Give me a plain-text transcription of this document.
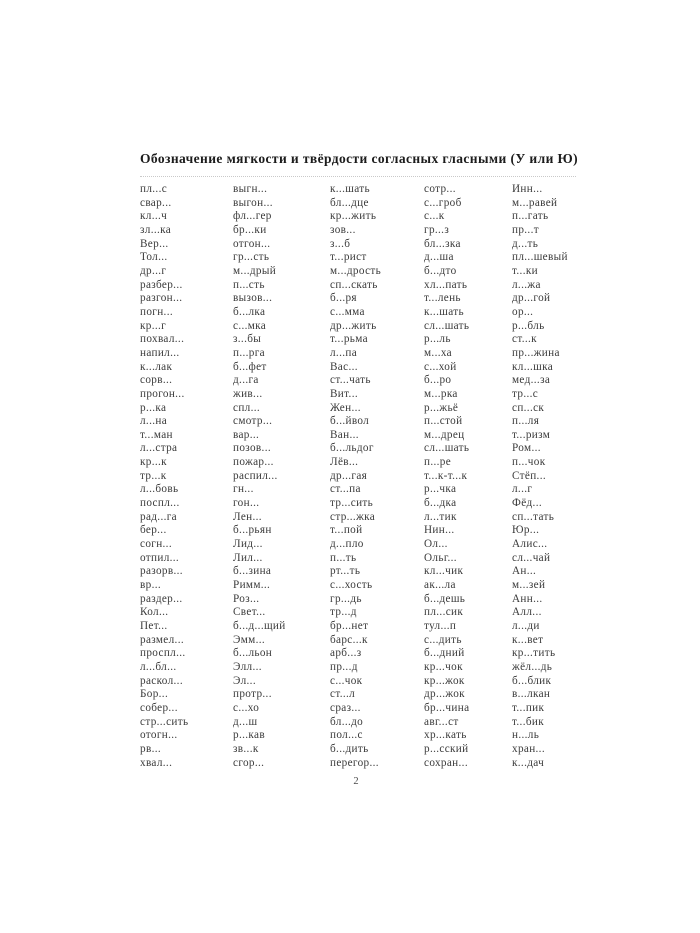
Обозначение мягкости и твёрдости согласных гласными (У или Ю)
пл...с
свар...
кл...ч
зл...ка
Вер...
Тол...
др...г
разбер...
разгон...
погн...
кр...г
похвал...
напил...
к...лак
сорв...
прогон...
р...ка
л...на
т...ман
л...стра
кр...к
тр...к
л...бовь
поспл...
рад...га
бер...
согн...
отпил...
разорв...
вр...
раздер...
Кол...
Пет...
размел...
проспл...
л...бл...
раскол...
Бор...
собер...
стр...сить
отогн...
рв...
хвал...
выгн...
выгон...
фл...гер
бр...ки
отгон...
гр...сть
м...дрый
п...сть
вызов...
б...лка
с...мка
з...бы
п...рга
б...фет
д...га
жив...
спл...
смотр...
вар...
позов...
пожар...
распил...
гн...
гон...
Лен...
б...рьян
Лид...
Лил...
б...зина
Римм...
Роз...
Свет...
б...д...щий
Эмм...
б...льон
Элл...
Эл...
протр...
с...хо
д...ш
р...кав
зв...к
сгор...
к...шать
бл...дце
кр...жить
зов...
з...б
т...рист
м...дрость
сп...скать
б...ря
с...мма
др...жить
т...рьма
л...па
Вас...
ст...чать
Вит...
Жен...
б...йвол
Ван...
б...льдог
Лёв...
др...гая
ст...па
тр...сить
стр...жка
т...пой
д...пло
п...ть
рт...ть
с...хость
гр...дь
тр...д
бр...нет
барс...к
арб...з
пр...д
с...чок
ст...л
сраз...
бл...до
пол...с
б...дить
перегор...
сотр...
с...гроб
с...к
гр...з
бл...зка
д...ша
б...дто
хл...пать
т...лень
к...шать
сл...шать
р...ль
м...ха
с...хой
б...ро
м...рка
р...жьё
п...стой
м...дрец
сл...шать
п...ре
т...к-т...к
р...чка
б...дка
л...тик
Нин...
Ол...
Ольг...
кл...чик
ак...ла
б...дешь
пл...сик
тул...п
с...дить
б...дний
кр...чок
кр...жок
др...жок
бр...чина
авг...ст
хр...кать
р...сский
сохран...
Инн...
м...равей
п...гать
пр...т
д...ть
пл...шевый
т...ки
л...жа
др...гой
ор...
р...бль
ст...к
пр...жина
кл...шка
мед...за
тр...с
сп...ск
п...ля
т...ризм
Ром...
п...чок
Стёп...
л...г
Фёд...
сп...тать
Юр...
Алис...
сл...чай
Ан...
м...зей
Анн...
Алл...
л...ди
к...вет
кр...тить
жёл...дь
б...блик
в...лкан
т...пик
т...бик
н...ль
хран...
к...дач
2
